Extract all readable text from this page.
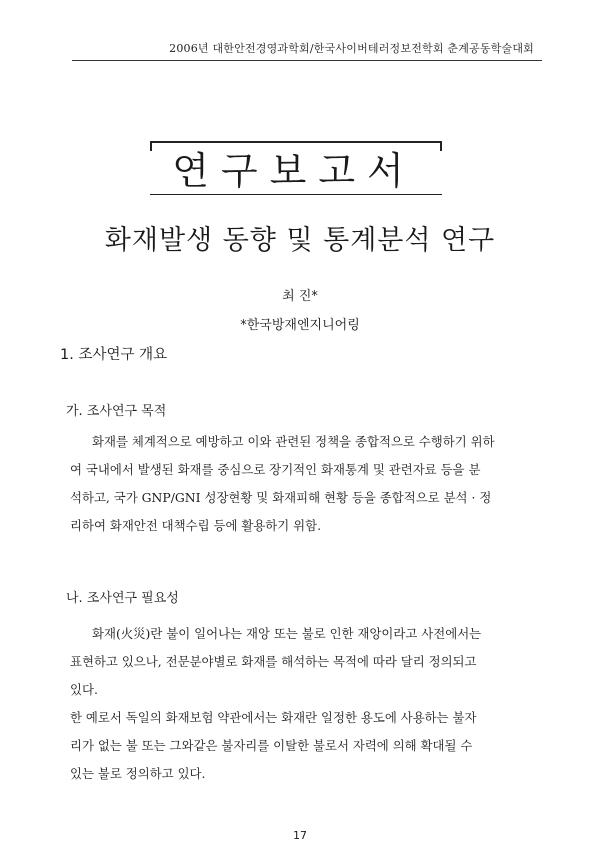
2006년 대한안전경영과학회/한국사이버테러정보전학회 춘계공동학술대회
연구보고서
화재발생 동향 및 통계분석 연구
최 진*
*한국방재엔지니어링
1. 조사연구 개요
가. 조사연구 목적
화재를 체계적으로 예방하고 이와 관련된 정책을 종합적으로 수행하기 위하
여 국내에서 발생된 화재를 중심으로 장기적인 화재통계 및 관련자료 등을 분
석하고, 국가 GNP/GNI 성장현황 및 화재피해 현황 등을 종합적으로 분석 · 정
리하여 화재안전 대책수립 등에 활용하기 위함.
나. 조사연구 필요성
화재(火災)란 불이 일어나는 재앙 또는 불로 인한 재앙이라고 사전에서는
표현하고 있으나, 전문분야별로 화재를 해석하는 목적에 따라 달리 정의되고
있다.
한 예로서 독일의 화재보험 약관에서는 화재란 일정한 용도에 사용하는 불자
리가 없는 불 또는 그와같은 불자리를 이탈한 불로서 자력에 의해 확대될 수
있는 불로 정의하고 있다.
17
